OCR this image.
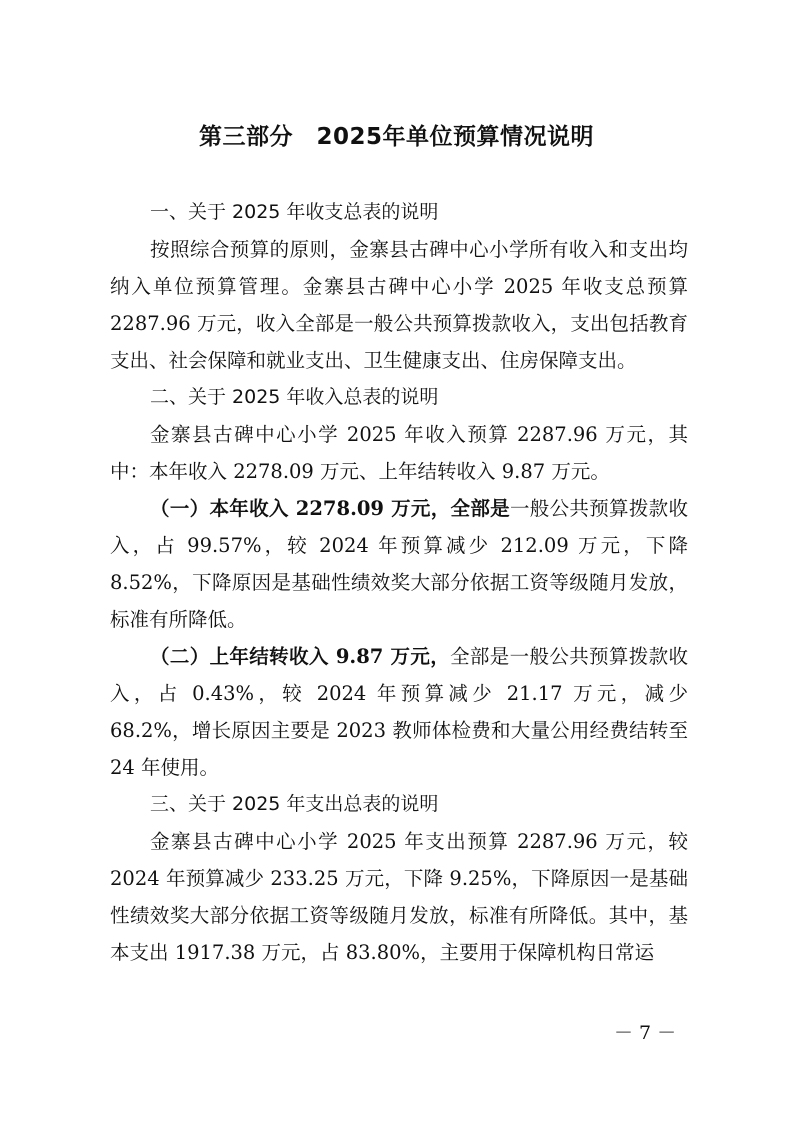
第三部分　2025年单位预算情况说明

一、关于 2025 年收支总表的说明

按照综合预算的原则，金寨县古碑中心小学所有收入和支出均纳入单位预算管理。金寨县古碑中心小学 2025 年收支总预算 2287.96 万元，收入全部是一般公共预算拨款收入，支出包括教育支出、社会保障和就业支出、卫生健康支出、住房保障支出。

二、关于 2025 年收入总表的说明

金寨县古碑中心小学 2025 年收入预算 2287.96 万元，其中：本年收入 2278.09 万元、上年结转收入 9.87 万元。

（一）本年收入 2278.09 万元，全部是一般公共预算拨款收入，占 99.57%，较 2024 年预算减少 212.09 万元，下降 8.52%，下降原因是基础性绩效奖大部分依据工资等级随月发放，标准有所降低。

（二）上年结转收入 9.87 万元，全部是一般公共预算拨款收入，占 0.43%，较 2024 年预算减少 21.17 万元，减少 68.2%，增长原因主要是 2023 教师体检费和大量公用经费结转至 24 年使用。

三、关于 2025 年支出总表的说明

金寨县古碑中心小学 2025 年支出预算 2287.96 万元，较 2024 年预算减少 233.25 万元，下降 9.25%，下降原因一是基础性绩效奖大部分依据工资等级随月发放，标准有所降低。其中，基本支出 1917.38 万元，占 83.80%，主要用于保障机构日常运

－ 7 －
